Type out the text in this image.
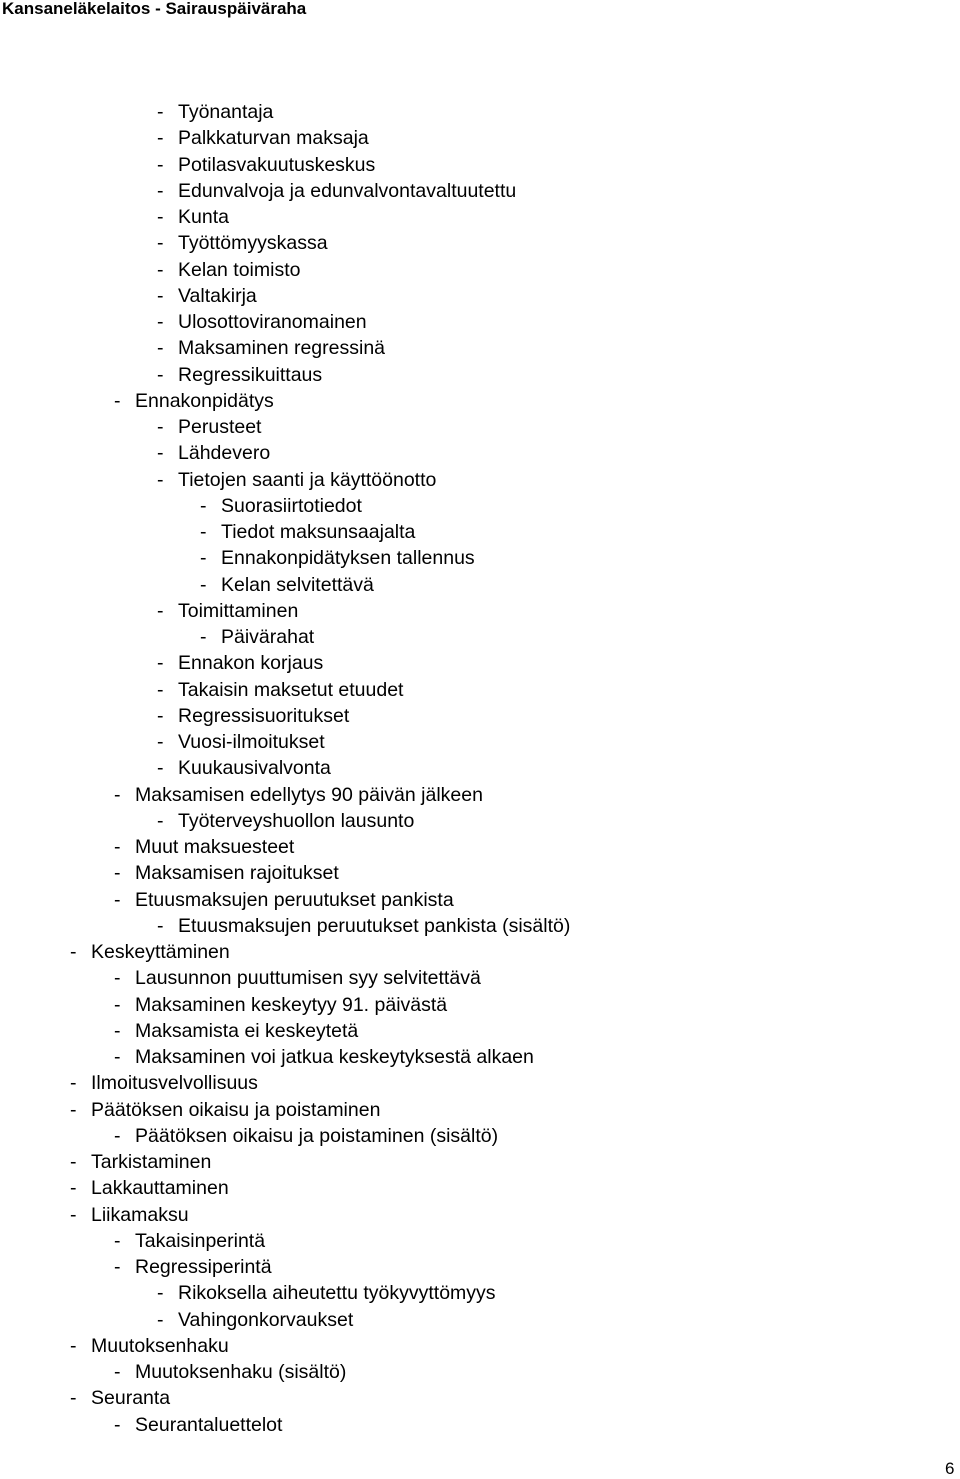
Kansaneläkelaitos - Sairauspäiväraha
- Työnantaja
- Palkkaturvan maksaja
- Potilasvakuutuskeskus
- Edunvalvoja ja edunvalvontavaltuutettu
- Kunta
- Työttömyyskassa
- Kelan toimisto
- Valtakirja
- Ulosottoviranomainen
- Maksaminen regressinä
- Regressikuittaus
- Ennakonpidätys
- Perusteet
- Lähdevero
- Tietojen saanti ja käyttöönotto
- Suorasiirtotiedot
- Tiedot maksunsaajalta
- Ennakonpidätyksen tallennus
- Kelan selvitettävä
- Toimittaminen
- Päivärahat
- Ennakon korjaus
- Takaisin maksetut etuudet
- Regressisuoritukset
- Vuosi-ilmoitukset
- Kuukausivalvonta
- Maksamisen edellytys 90 päivän jälkeen
- Työterveyshuollon lausunto
- Muut maksuesteet
- Maksamisen rajoitukset
- Etuusmaksujen peruutukset pankista
- Etuusmaksujen peruutukset pankista (sisältö)
- Keskeyttäminen
- Lausunnon puuttumisen syy selvitettävä
- Maksaminen keskeytyy 91. päivästä
- Maksamista ei keskeytetä
- Maksaminen voi jatkua keskeytyksestä alkaen
- Ilmoitusvelvollisuus
- Päätöksen oikaisu ja poistaminen
- Päätöksen oikaisu ja poistaminen (sisältö)
- Tarkistaminen
- Lakkauttaminen
- Liikamaksu
- Takaisinperintä
- Regressiperintä
- Rikoksella aiheutettu työkyvyttömyys
- Vahingonkorvaukset
- Muutoksenhaku
- Muutoksenhaku (sisältö)
- Seuranta
- Seurantaluettelot
6
